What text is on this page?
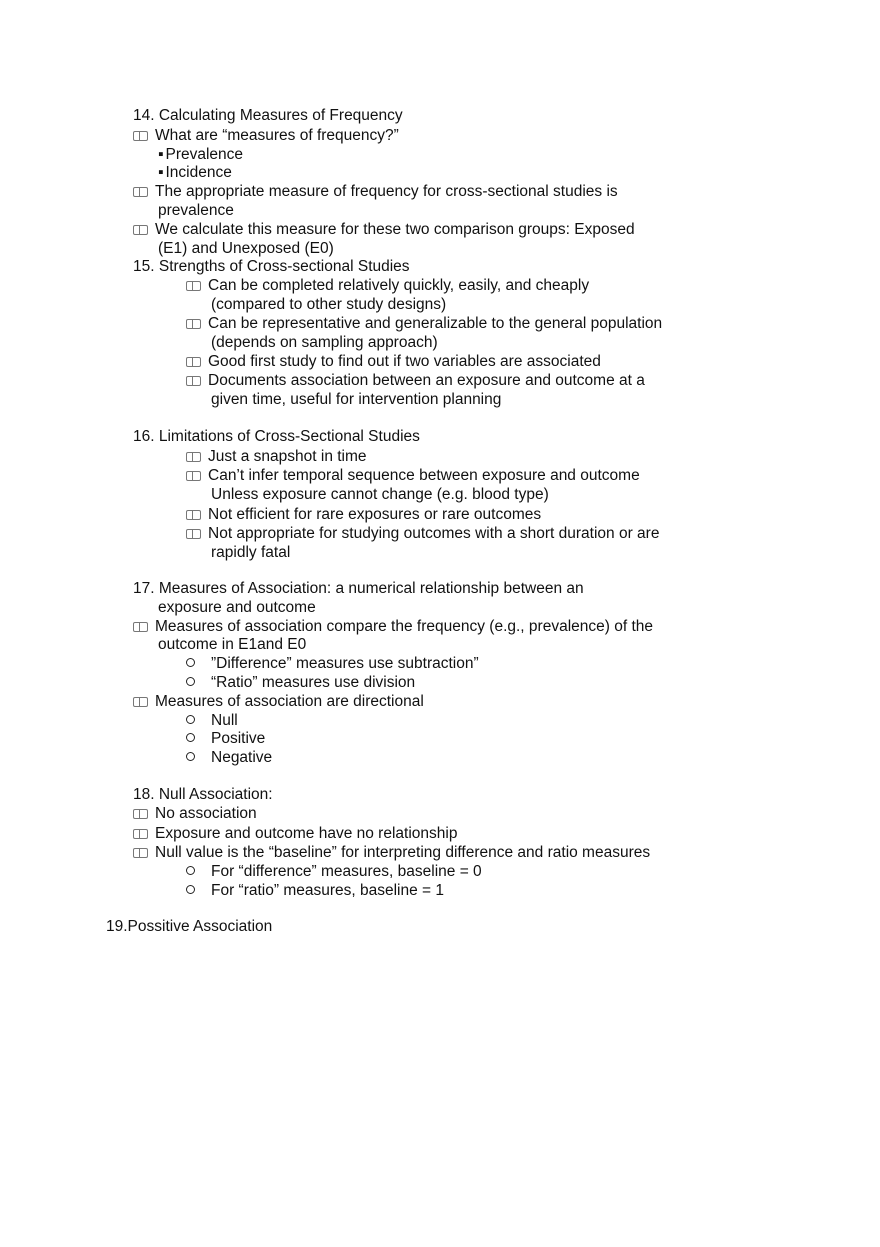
14. Calculating Measures of Frequency
What are “measures of frequency?”
▪ Prevalence
▪ Incidence
The appropriate measure of frequency for cross-sectional studies is
prevalence
We calculate this measure for these two comparison groups: Exposed
(E1) and Unexposed (E0)
15. Strengths of Cross-sectional Studies
Can be completed relatively quickly, easily, and cheaply
(compared to other study designs)
Can be representative and generalizable to the general population
(depends on sampling approach)
Good first study to find out if two variables are associated
Documents association between an exposure and outcome at a
given time, useful for intervention planning
16. Limitations of Cross-Sectional Studies
Just a snapshot in time
Can’t infer temporal sequence between exposure and outcome
Unless exposure cannot change (e.g. blood type)
Not efficient for rare exposures or rare outcomes
Not appropriate for studying outcomes with a short duration or are
rapidly fatal
17. Measures of Association: a numerical relationship between an
exposure and outcome
Measures of association compare the frequency (e.g., prevalence) of the
outcome in E1and E0
”Difference” measures use subtraction”
“Ratio” measures use division
Measures of association are directional
Null
Positive
Negative
18. Null Association:
No association
Exposure and outcome have no relationship
Null value is the “baseline” for interpreting difference and ratio measures
For “difference” measures, baseline = 0
For “ratio” measures, baseline = 1
19.Possitive Association
